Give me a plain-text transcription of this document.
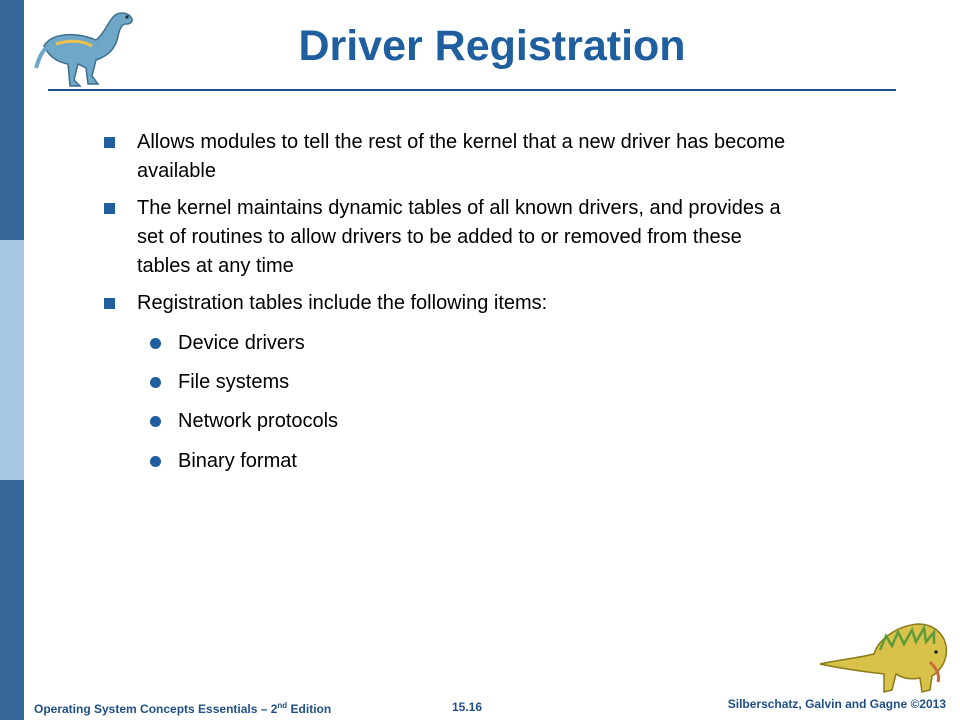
Driver Registration
Allows modules to tell the rest of the kernel that a new driver has become available
The kernel maintains dynamic tables of all known drivers, and provides a set of routines to allow drivers to be added to or removed from these tables at any time
Registration tables include the following items:
Device drivers
File systems
Network protocols
Binary format
Operating System Concepts Essentials – 2nd Edition	15.16	Silberschatz, Galvin and Gagne ©2013
